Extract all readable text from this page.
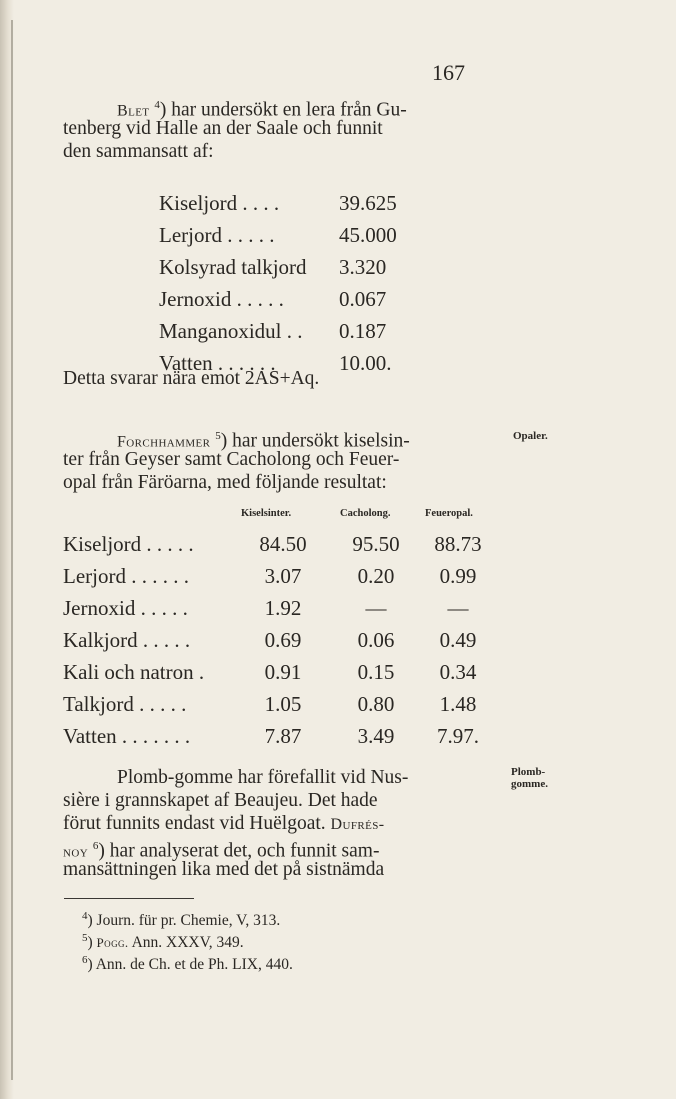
167
Blet $^4$) har undersökt en lera från Gu-
tenberg vid Halle an der Saale och funnit
den sammansatt af:
Kiseljord . . . .	39.625
Lerjord . . . . .	45.000
Kolsyrad talkjord 3.320
Jernoxid . . . . .	0.067
Manganoxidul . . 0.187
Vatten . . . . . .	10.00.
Detta svarar nära emot 2AS+Aq.
Forchhammer $^5$) har undersökt kiselsin-
ter från Geyser samt Cacholong och Feuer-
opal från Färöarna, med följande resultat:
Opaler.
Kiselsinter.	Cacholong.	Feueropal.
Kiseljord . . . . .	84.50	95.50	88.73
Lerjord . . . . . .	3.07	0.20	0.99
Jernoxid . . . . .	1.92	—	—
Kalkjord . . . . .	0.69	0.06	0.49
Kali och natron .	0.91	0.15	0.34
Talkjord . . . . .	1.05	0.80	1.48
Vatten . . . . . . .	7.87	3.49	7.97.
Plomb-gomme har förefallit vid Nus-
sière i grannskapet af Beaujeu. Det hade
förut funnits endast vid Huëlgoat. Dufrés-
noy $^6$) har analyserat det, och funnit sam-
mansättningen lika med det på sistnämda
Plomb-
gomme.
$^4$) Journ. für pr. Chemie, V, 313.
$^5$) Pogg. Ann. XXXV, 349.
$^6$) Ann. de Ch. et de Ph. LIX, 440.
